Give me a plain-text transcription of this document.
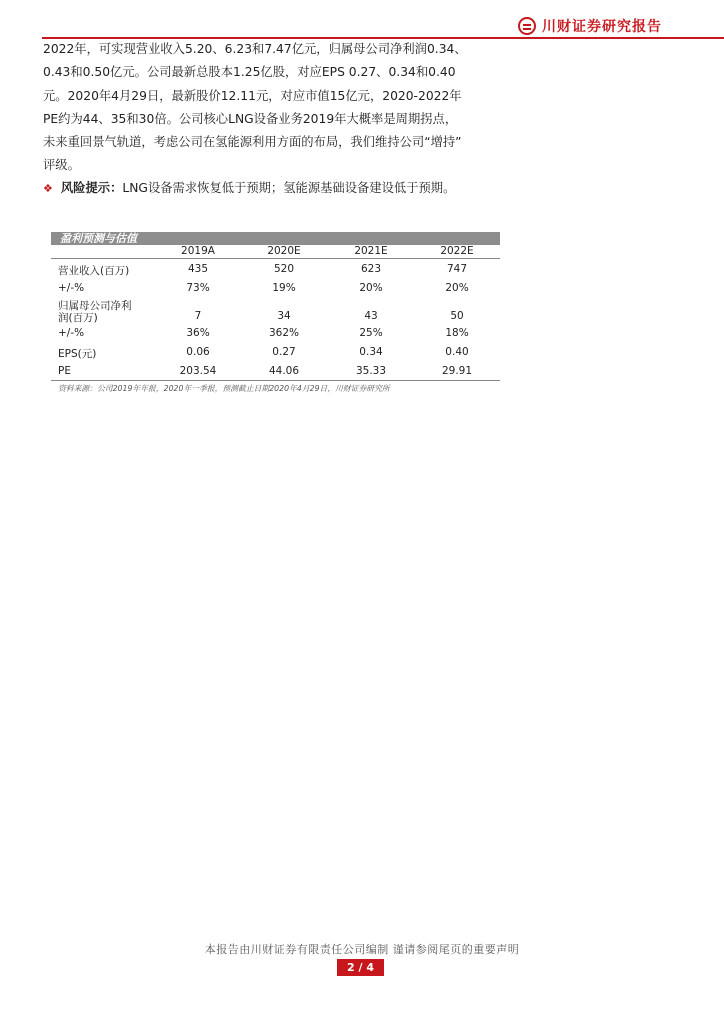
川财证券研究报告

2022年，可实现营业收入5.20、6.23和7.47亿元，归属母公司净利润0.34、

0.43和0.50亿元。公司最新总股本1.25亿股，对应EPS 0.27、0.34和0.40

元。2020年4月29日，最新股价12.11元，对应市值15亿元，2020-2022年

PE约为44、35和30倍。公司核心LNG设备业务2019年大概率是周期拐点，

未来重回景气轨道，考虑公司在氢能源利用方面的布局，我们维持公司“增持”

评级。

❖ 风险提示：LNG设备需求恢复低于预期；氢能源基础设备建设低于预期。
盈利预测与估值
2019A	2020E	2021E	2022E
营业收入(百万)	435	520	623	747
+/-%	73%	19%	20%	20%
归属母公司净利
润(百万)	7	34	43	50
+/-%	36%	362%	25%	18%
EPS(元)	0.06	0.27	0.34	0.40
PE	203.54	44.06	35.33	29.91
资料来源：公司2019年年报，2020年一季报，预测截止日期2020年4月29日，川财证券研究所
本报告由川财证券有限责任公司编制 谨请参阅尾页的重要声明
2 / 4
